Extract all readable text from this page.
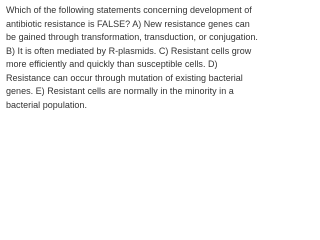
Which of the following statements concerning development of antibiotic resistance is FALSE? A) New resistance genes can be gained through transformation, transduction, or conjugation. B) It is often mediated by R-plasmids. C) Resistant cells grow more efficiently and quickly than susceptible cells. D) Resistance can occur through mutation of existing bacterial genes. E) Resistant cells are normally in the minority in a bacterial population.
